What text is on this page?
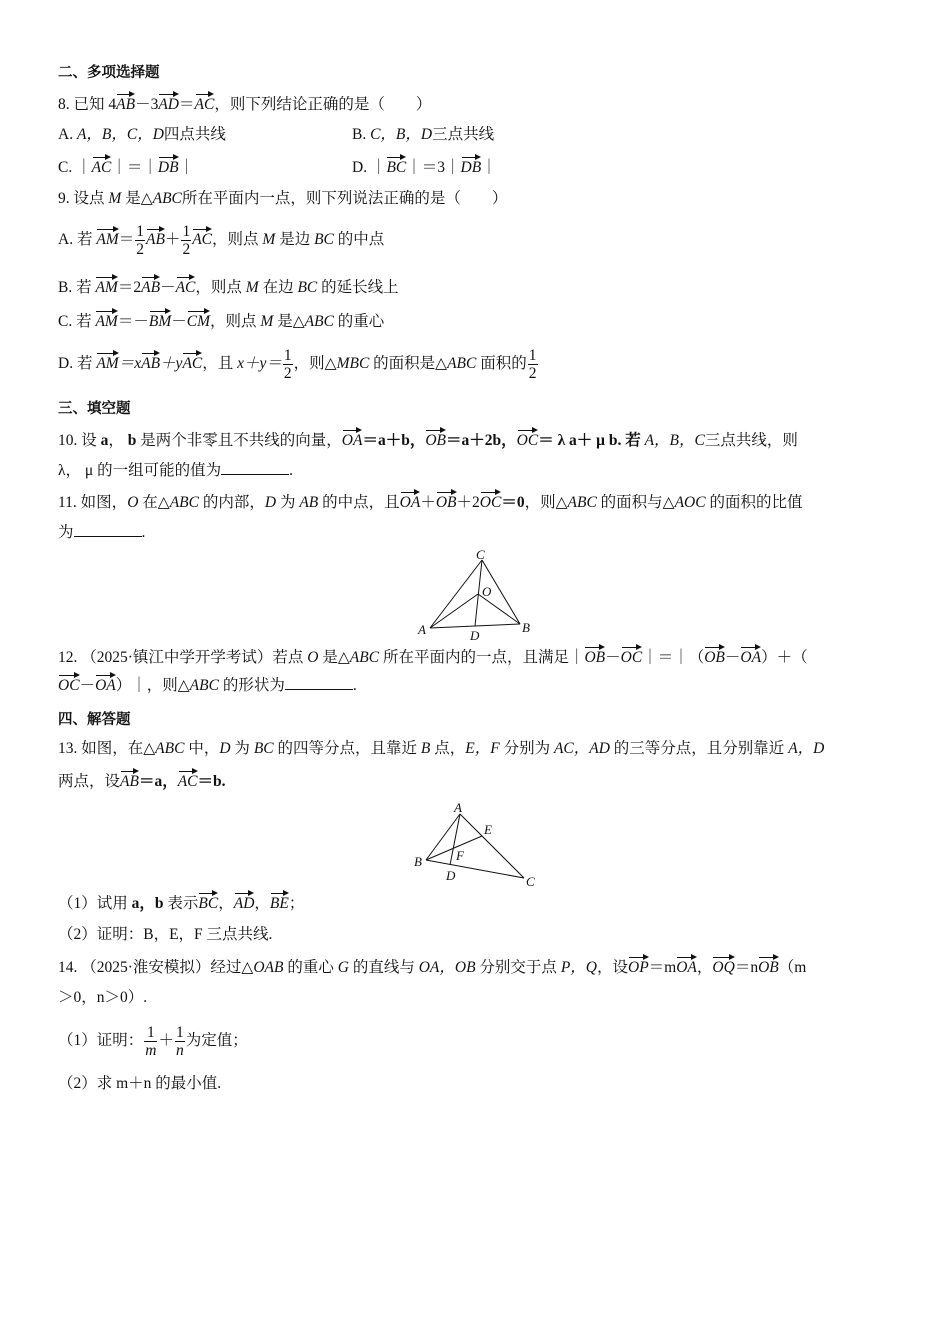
二、多项选择题
8. 已知 4AB－3AD＝AC，则下列结论正确的是（　　）
A. A，B，C，D四点共线	B. C，B，D三点共线
C. ｜AC｜＝｜DB｜	D. ｜BC｜＝3｜DB｜
9. 设点 M 是△ABC所在平面内一点，则下列说法正确的是（　　）
A. 若 $AM= \frac{1}{2} AB+ \frac{1}{2}$ AC，则点 M 是边 BC 的中点
B. 若 AM＝2AB－AC，则点 M 在边 BC 的延长线上
C. 若 AM＝－BM－CM，则点 M 是△ABC 的重心
D. 若 AM＝xAB＋yAC，且 $x+y= \frac{1}{2}$ ，则△MBC 的面积是△ABC 面积的 $\frac{1}{2}$
三、填空题
10. 设 a， b 是两个非零且不共线的向量，OA＝a＋b，OB＝a＋2b，OC＝ λ a＋ μ b. 若 A，B，C三点共线，则
λ， μ 的一组可能的值为	.
11. 如图，O 在△ABC 的内部，D 为 AB 的中点，且OA＋OB＋2OC＝0，则△ABC 的面积与△AOC 的面积的比值
为	.
C
O
A	D
B
12. （2025·镇江中学开学考试）若点 O 是△ABC 所在平面内的一点，且满足｜OB－OC｜＝｜（OB－OA）＋（
OC－OA）｜，则△ABC 的形状为	.
四、解答题
13. 如图，在△ABC 中，D 为 BC 的四等分点，且靠近 B 点，E，F 分别为 AC，AD 的三等分点，且分别靠近 A，D
两点，设AB＝a，AC＝b.
A
E
F
B
D	C
（1）试用 a，b 表示BC，AD，BE；
（2）证明：B，E，F 三点共线.
14. （2025·淮安模拟）经过△OAB 的重心 G 的直线与 OA，OB 分别交于点 P，Q，设OP＝mOA，OQ＝nOB（m
＞0，n＞0）.
（1）证明： $\frac{1}{m} + \frac{1}{n}$ 为定值；
（2）求 m＋n 的最小值.
